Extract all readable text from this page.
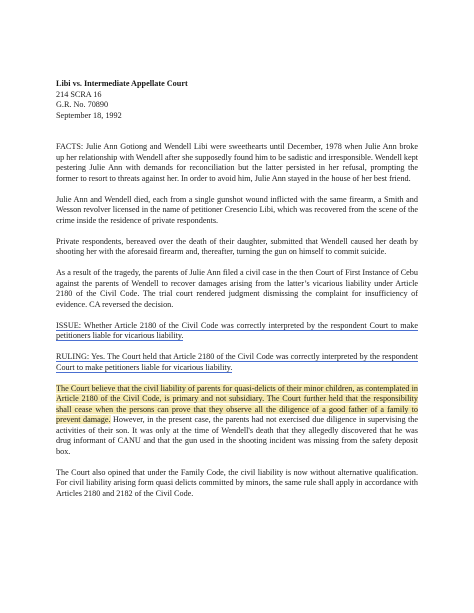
Libi vs. Intermediate Appellate Court
214 SCRA 16
G.R. No. 70890
September 18, 1992

FACTS: Julie Ann Gotiong and Wendell Libi were sweethearts until December, 1978 when Julie Ann broke up her relationship with Wendell after she supposedly found him to be sadistic and irresponsible. Wendell kept pestering Julie Ann with demands for reconciliation but the latter persisted in her refusal, prompting the former to resort to threats against her. In order to avoid him, Julie Ann stayed in the house of her best friend.

Julie Ann and Wendell died, each from a single gunshot wound inflicted with the same firearm, a Smith and Wesson revolver licensed in the name of petitioner Cresencio Libi, which was recovered from the scene of the crime inside the residence of private respondents.

Private respondents, bereaved over the death of their daughter, submitted that Wendell caused her death by shooting her with the aforesaid firearm and, thereafter, turning the gun on himself to commit suicide.

As a result of the tragedy, the parents of Julie Ann filed a civil case in the then Court of First Instance of Cebu against the parents of Wendell to recover damages arising from the latter’s vicarious liability under Article 2180 of the Civil Code. The trial court rendered judgment dismissing the complaint for insufficiency of evidence. CA reversed the decision.

ISSUE: Whether Article 2180 of the Civil Code was correctly interpreted by the respondent Court to make petitioners liable for vicarious liability.

RULING: Yes. The Court held that Article 2180 of the Civil Code was correctly interpreted by the respondent Court to make petitioners liable for vicarious liability.

The Court believe that the civil liability of parents for quasi-delicts of their minor children, as contemplated in Article 2180 of the Civil Code, is primary and not subsidiary. The Court further held that the responsibility shall cease when the persons can prove that they observe all the diligence of a good father of a family to prevent damage. However, in the present case, the parents had not exercised due diligence in supervising the activities of their son. It was only at the time of Wendell's death that they allegedly discovered that he was drug informant of CANU and that the gun used in the shooting incident was missing from the safety deposit box.

The Court also opined that under the Family Code, the civil liability is now without alternative qualification. For civil liability arising form quasi delicts committed by minors, the same rule shall apply in accordance with Articles 2180 and 2182 of the Civil Code.
